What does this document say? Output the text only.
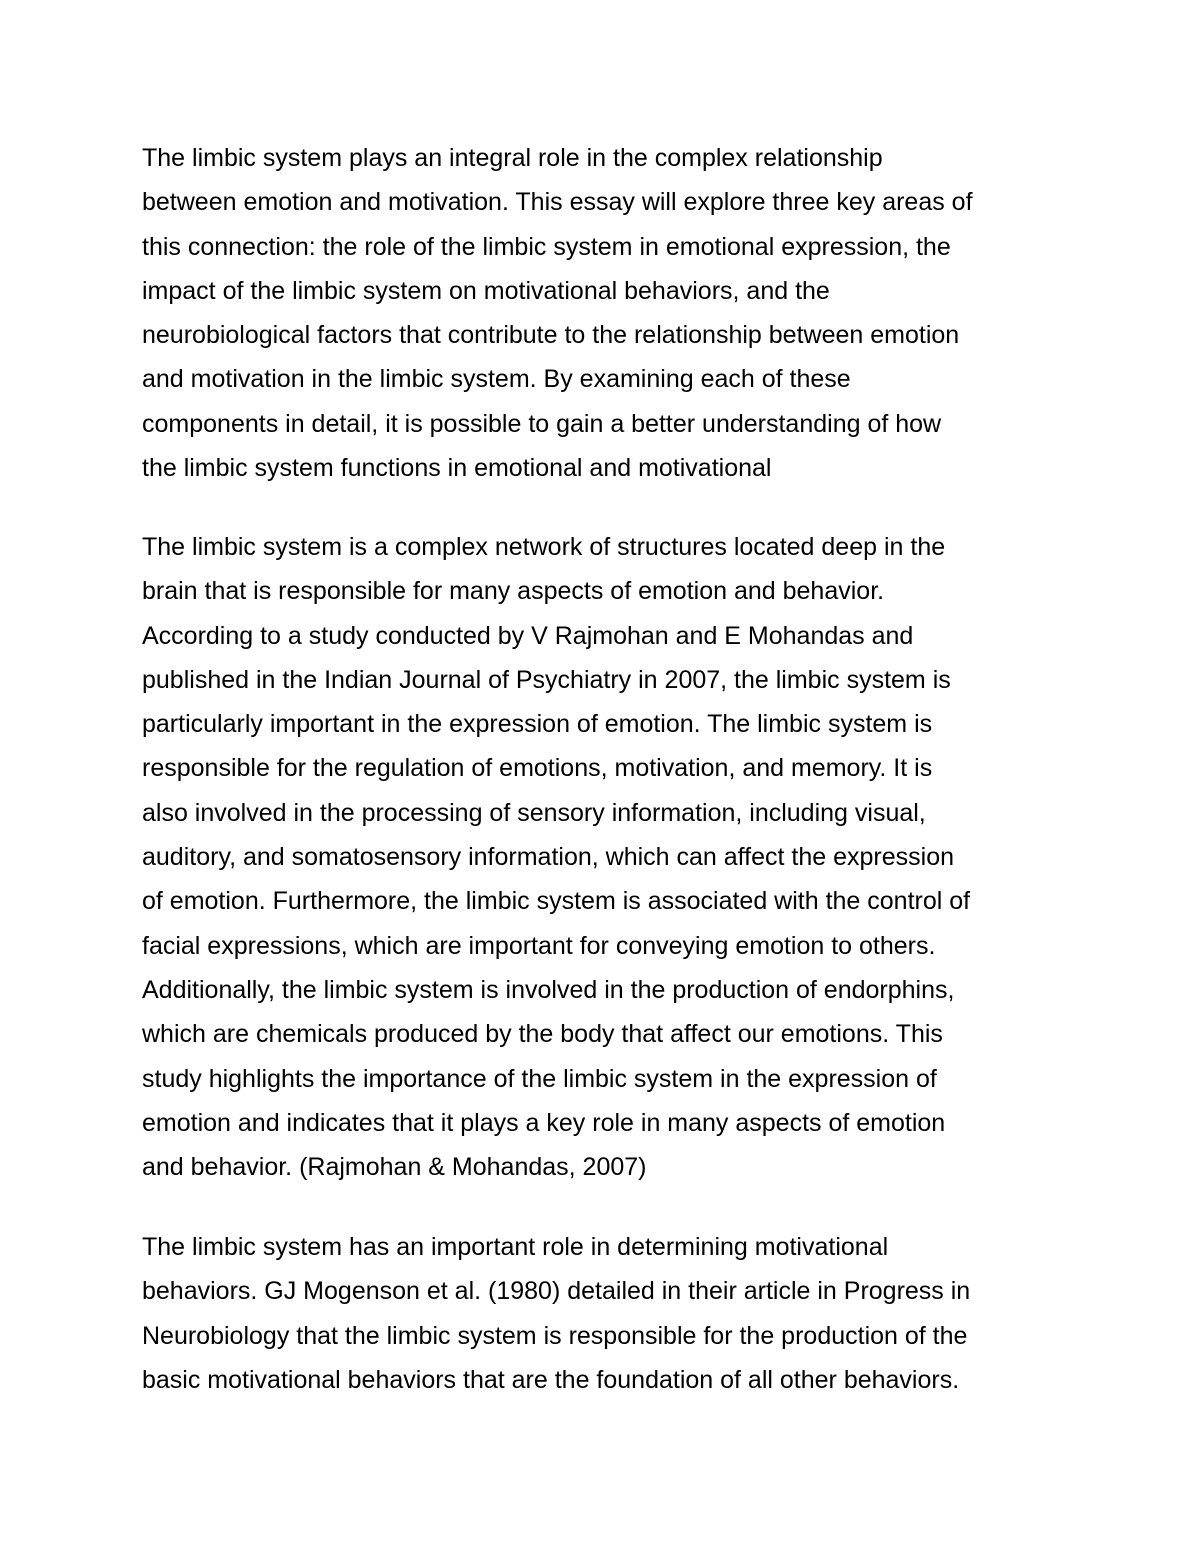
The limbic system plays an integral role in the complex relationship
between emotion and motivation. This essay will explore three key areas of
this connection: the role of the limbic system in emotional expression, the
impact of the limbic system on motivational behaviors, and the
neurobiological factors that contribute to the relationship between emotion
and motivation in the limbic system. By examining each of these
components in detail, it is possible to gain a better understanding of how
the limbic system functions in emotional and motivational
The limbic system is a complex network of structures located deep in the
brain that is responsible for many aspects of emotion and behavior.
According to a study conducted by V Rajmohan and E Mohandas and
published in the Indian Journal of Psychiatry in 2007, the limbic system is
particularly important in the expression of emotion. The limbic system is
responsible for the regulation of emotions, motivation, and memory. It is
also involved in the processing of sensory information, including visual,
auditory, and somatosensory information, which can affect the expression
of emotion. Furthermore, the limbic system is associated with the control of
facial expressions, which are important for conveying emotion to others.
Additionally, the limbic system is involved in the production of endorphins,
which are chemicals produced by the body that affect our emotions. This
study highlights the importance of the limbic system in the expression of
emotion and indicates that it plays a key role in many aspects of emotion
and behavior. (Rajmohan & Mohandas, 2007)
The limbic system has an important role in determining motivational
behaviors. GJ Mogenson et al. (1980) detailed in their article in Progress in
Neurobiology that the limbic system is responsible for the production of the
basic motivational behaviors that are the foundation of all other behaviors.
